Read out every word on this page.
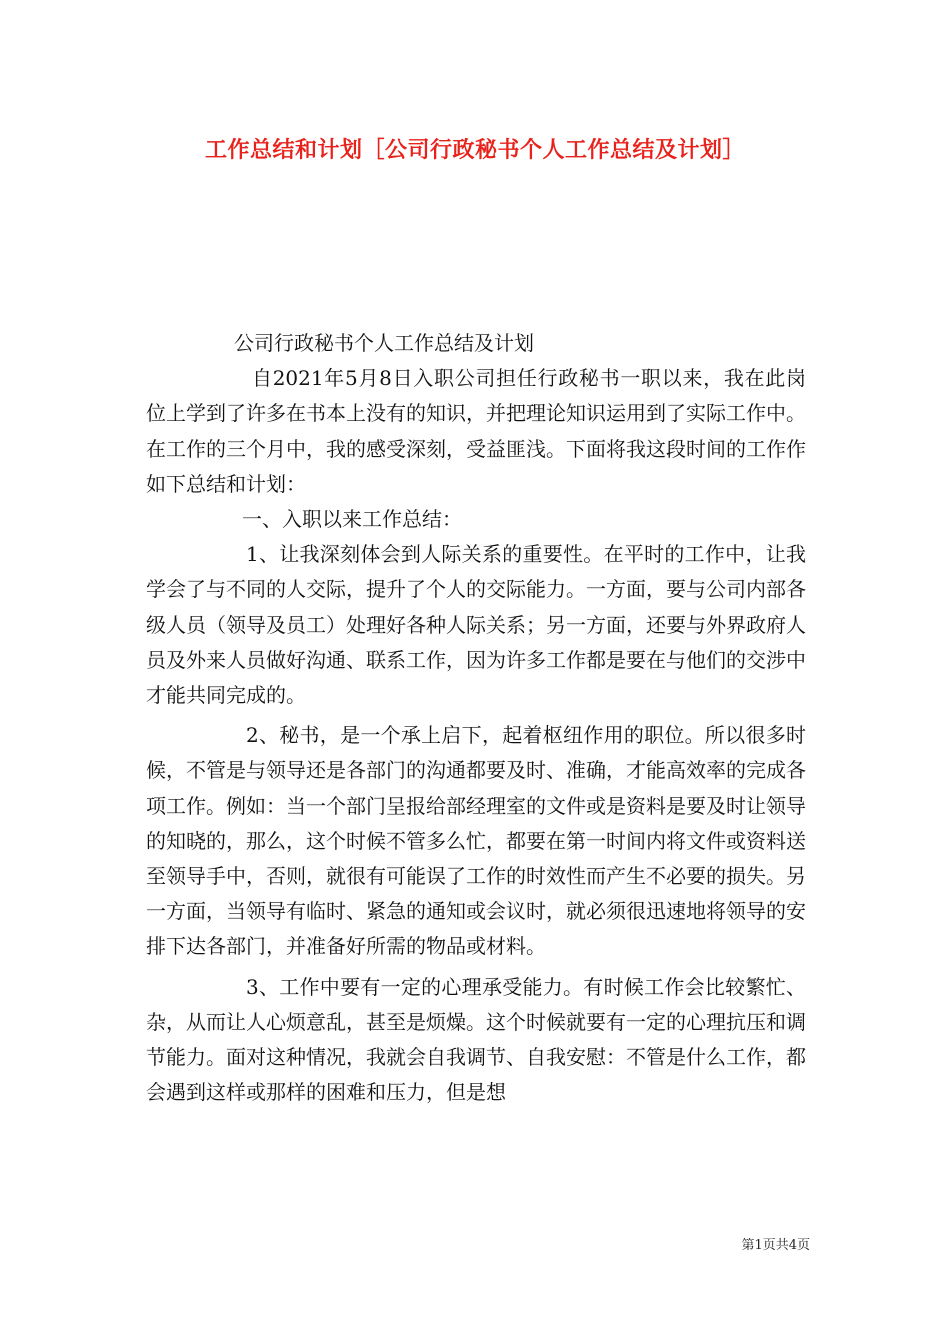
工作总结和计划［公司行政秘书个人工作总结及计划］

公司行政秘书个人工作总结及计划

自2021年5月8日入职公司担任行政秘书一职以来，我在此岗位上学到了许多在书本上没有的知识，并把理论知识运用到了实际工作中。在工作的三个月中，我的感受深刻，受益匪浅。下面将我这段时间的工作作如下总结和计划：

一、入职以来工作总结：

1、让我深刻体会到人际关系的重要性。在平时的工作中，让我学会了与不同的人交际，提升了个人的交际能力。一方面，要与公司内部各级人员（领导及员工）处理好各种人际关系；另一方面，还要与外界政府人员及外来人员做好沟通、联系工作，因为许多工作都是要在与他们的交涉中才能共同完成的。

2、秘书，是一个承上启下，起着枢纽作用的职位。所以很多时候，不管是与领导还是各部门的沟通都要及时、准确，才能高效率的完成各项工作。例如：当一个部门呈报给部经理室的文件或是资料是要及时让领导的知晓的，那么，这个时候不管多么忙，都要在第一时间内将文件或资料送至领导手中，否则，就很有可能误了工作的时效性而产生不必要的损失。另一方面，当领导有临时、紧急的通知或会议时，就必须很迅速地将领导的安排下达各部门，并准备好所需的物品或材料。

3、工作中要有一定的心理承受能力。有时候工作会比较繁忙、杂，从而让人心烦意乱，甚至是烦燥。这个时候就要有一定的心理抗压和调节能力。面对这种情况，我就会自我调节、自我安慰：不管是什么工作，都会遇到这样或那样的困难和压力，但是想

第1页共4页
